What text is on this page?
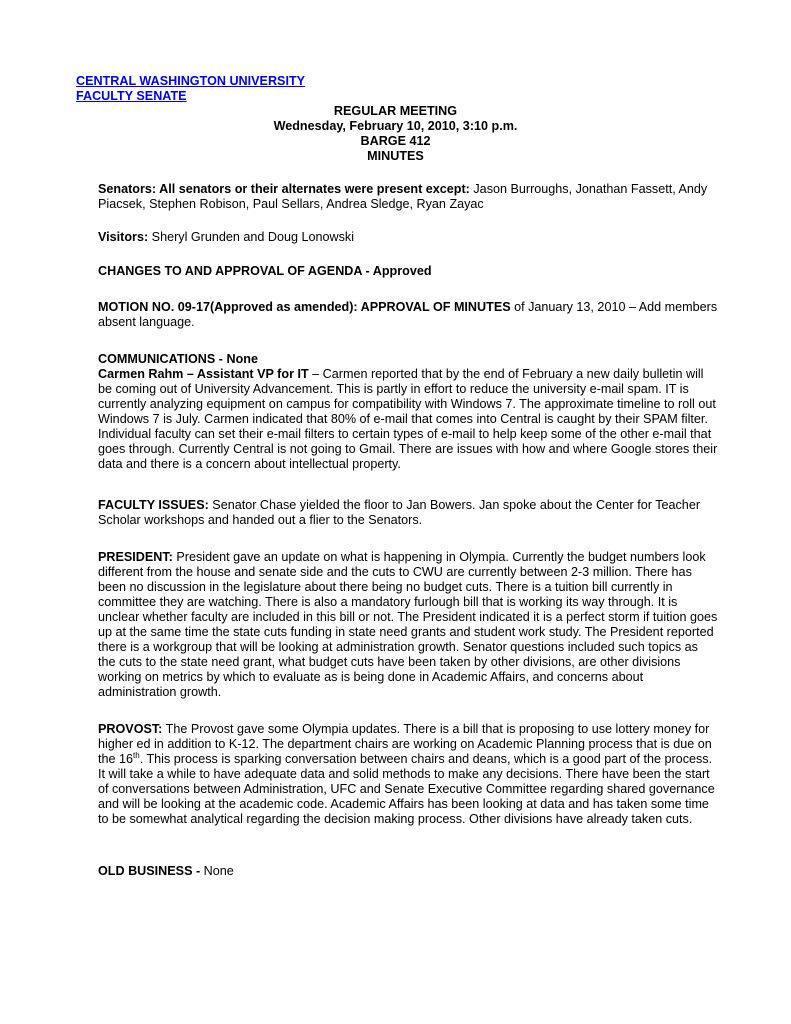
CENTRAL WASHINGTON UNIVERSITY
FACULTY SENATE
REGULAR MEETING
Wednesday, February 10, 2010, 3:10 p.m.
BARGE 412
MINUTES
Senators: All senators or their alternates were present except: Jason Burroughs, Jonathan Fassett, Andy Piacsek, Stephen Robison, Paul Sellars, Andrea Sledge, Ryan Zayac
Visitors: Sheryl Grunden and Doug Lonowski
CHANGES TO AND APPROVAL OF AGENDA - Approved
MOTION NO. 09-17(Approved as amended): APPROVAL OF MINUTES of January 13, 2010 – Add members absent language.
COMMUNICATIONS - None
Carmen Rahm – Assistant VP for IT – Carmen reported that by the end of February a new daily bulletin will be coming out of University Advancement. This is partly in effort to reduce the university e-mail spam. IT is currently analyzing equipment on campus for compatibility with Windows 7. The approximate timeline to roll out Windows 7 is July. Carmen indicated that 80% of e-mail that comes into Central is caught by their SPAM filter. Individual faculty can set their e-mail filters to certain types of e-mail to help keep some of the other e-mail that goes through. Currently Central is not going to Gmail. There are issues with how and where Google stores their data and there is a concern about intellectual property.
FACULTY ISSUES: Senator Chase yielded the floor to Jan Bowers. Jan spoke about the Center for Teacher Scholar workshops and handed out a flier to the Senators.
PRESIDENT: President gave an update on what is happening in Olympia. Currently the budget numbers look different from the house and senate side and the cuts to CWU are currently between 2-3 million. There has been no discussion in the legislature about there being no budget cuts. There is a tuition bill currently in committee they are watching. There is also a mandatory furlough bill that is working its way through. It is unclear whether faculty are included in this bill or not. The President indicated it is a perfect storm if tuition goes up at the same time the state cuts funding in state need grants and student work study. The President reported there is a workgroup that will be looking at administration growth. Senator questions included such topics as the cuts to the state need grant, what budget cuts have been taken by other divisions, are other divisions working on metrics by which to evaluate as is being done in Academic Affairs, and concerns about administration growth.
PROVOST: The Provost gave some Olympia updates. There is a bill that is proposing to use lottery money for higher ed in addition to K-12. The department chairs are working on Academic Planning process that is due on the 16th. This process is sparking conversation between chairs and deans, which is a good part of the process. It will take a while to have adequate data and solid methods to make any decisions. There have been the start of conversations between Administration, UFC and Senate Executive Committee regarding shared governance and will be looking at the academic code. Academic Affairs has been looking at data and has taken some time to be somewhat analytical regarding the decision making process. Other divisions have already taken cuts.
OLD BUSINESS - None
